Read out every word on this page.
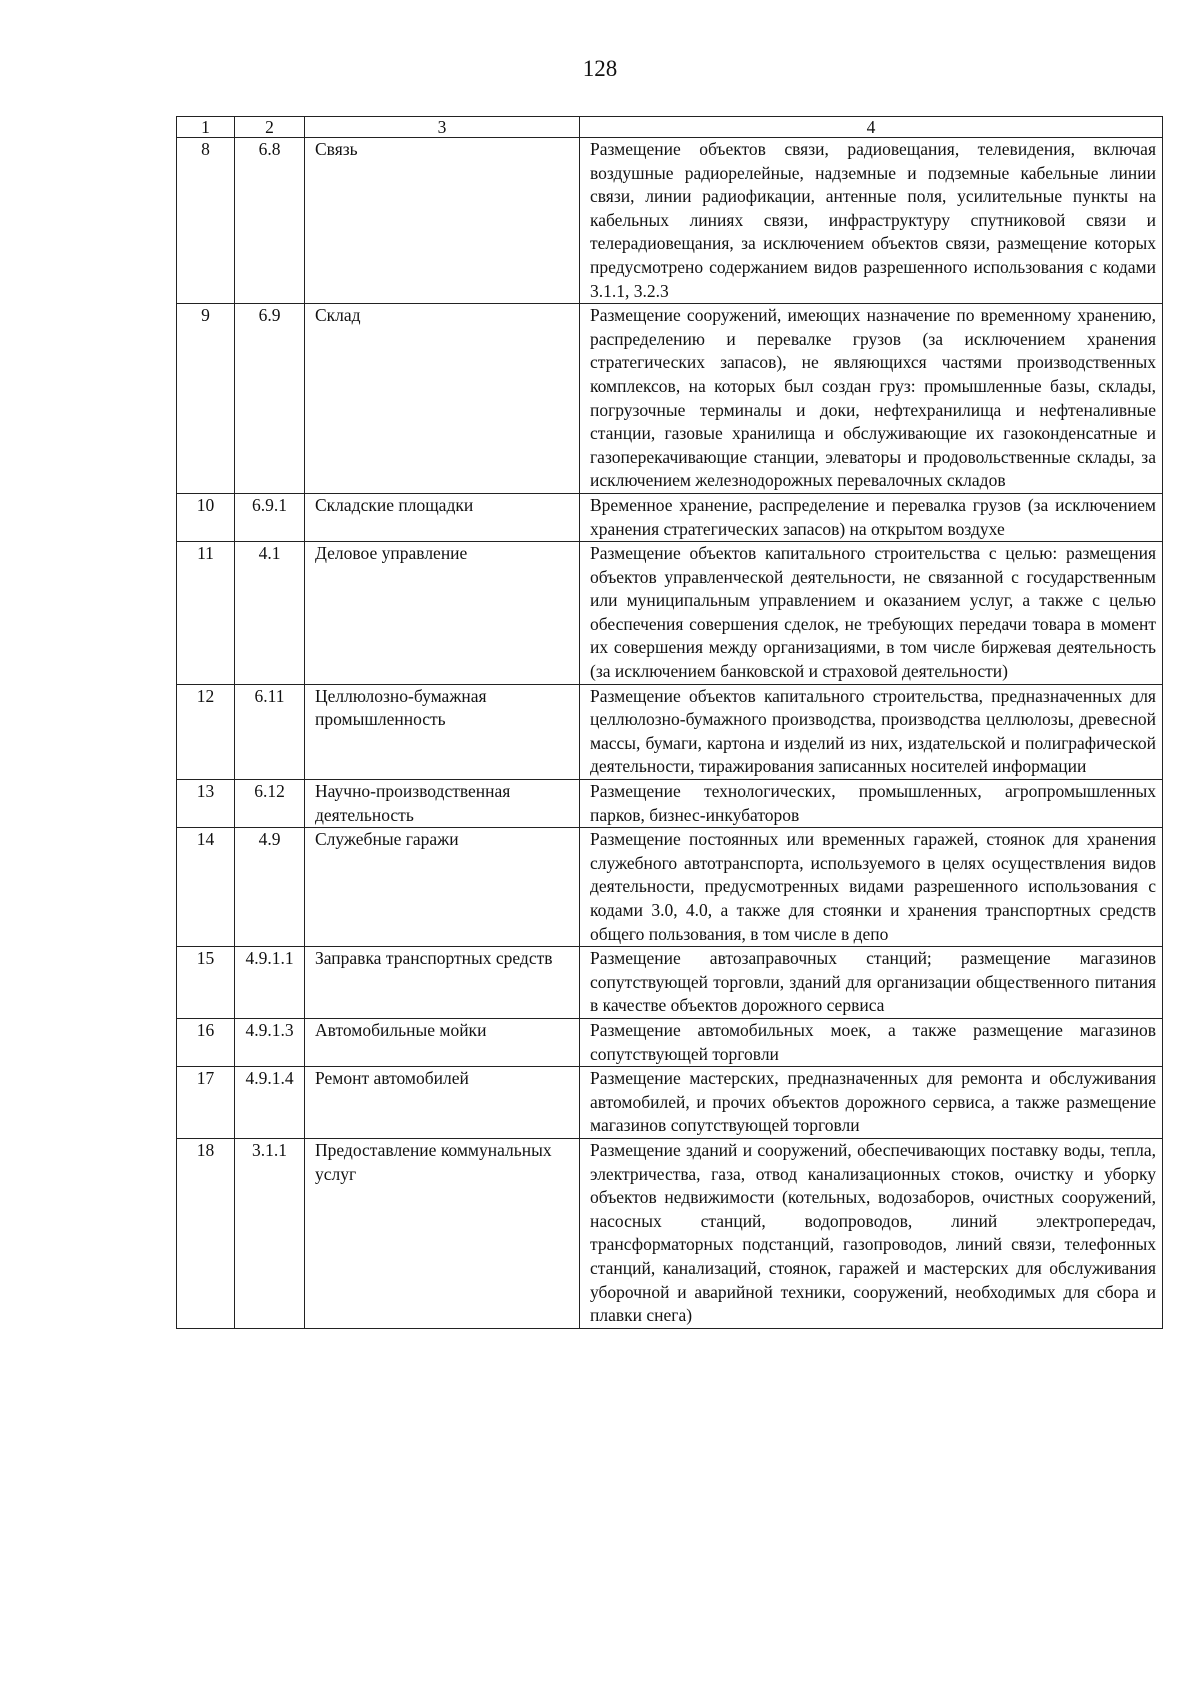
128
1	2	3	4
8	6.8	Связь	Размещение объектов связи, радиовещания, телевидения, включая воздушные радиорелейные, надземные и подземные кабельные линии связи, линии радиофикации, антенные поля, усилительные пункты на кабельных линиях связи, инфраструктуру спутниковой связи и телерадиовещания, за исключением объектов связи, размещение которых предусмотрено содержанием видов разрешенного использования с кодами 3.1.1, 3.2.3
9	6.9	Склад	Размещение сооружений, имеющих назначение по временному хранению, распределению и перевалке грузов (за исключением хранения стратегических запасов), не являющихся частями производственных комплексов, на которых был создан груз: промышленные базы, склады, погрузочные терминалы и доки, нефтехранилища и нефтеналивные станции, газовые хранилища и обслуживающие их газоконденсатные и газоперекачивающие станции, элеваторы и продовольственные склады, за исключением железнодорожных перевалочных складов
10	6.9.1	Складские площадки	Временное хранение, распределение и перевалка грузов (за исключением хранения стратегических запасов) на открытом воздухе
11	4.1	Деловое управление	Размещение объектов капитального строительства с целью: размещения объектов управленческой деятельности, не связанной с государственным или муниципальным управлением и оказанием услуг, а также с целью обеспечения совершения сделок, не требующих передачи товара в момент их совершения между организациями, в том числе биржевая деятельность (за исключением банковской и страховой деятельности)
12	6.11	Целлюлозно-бумажная промышленность	Размещение объектов капитального строительства, предназначенных для целлюлозно-бумажного производства, производства целлюлозы, древесной массы, бумаги, картона и изделий из них, издательской и полиграфической деятельности, тиражирования записанных носителей информации
13	6.12	Научно-производственная деятельность	Размещение технологических, промышленных, агропромышленных парков, бизнес-инкубаторов
14	4.9	Служебные гаражи	Размещение постоянных или временных гаражей, стоянок для хранения служебного автотранспорта, используемого в целях осуществления видов деятельности, предусмотренных видами разрешенного использования с кодами 3.0, 4.0, а также для стоянки и хранения транспортных средств общего пользования, в том числе в депо
15	4.9.1.1	Заправка транспортных средств	Размещение автозаправочных станций; размещение магазинов сопутствующей торговли, зданий для организации общественного питания в качестве объектов дорожного сервиса
16	4.9.1.3	Автомобильные мойки	Размещение автомобильных моек, а также размещение магазинов сопутствующей торговли
17	4.9.1.4	Ремонт автомобилей	Размещение мастерских, предназначенных для ремонта и обслуживания автомобилей, и прочих объектов дорожного сервиса, а также размещение магазинов сопутствующей торговли
18	3.1.1	Предоставление коммунальных услуг	Размещение зданий и сооружений, обеспечивающих поставку воды, тепла, электричества, газа, отвод канализационных стоков, очистку и уборку объектов недвижимости (котельных, водозаборов, очистных сооружений, насосных станций, водопроводов, линий электропередач, трансформаторных подстанций, газопроводов, линий связи, телефонных станций, канализаций, стоянок, гаражей и мастерских для обслуживания уборочной и аварийной техники, сооружений, необходимых для сбора и плавки снега)
